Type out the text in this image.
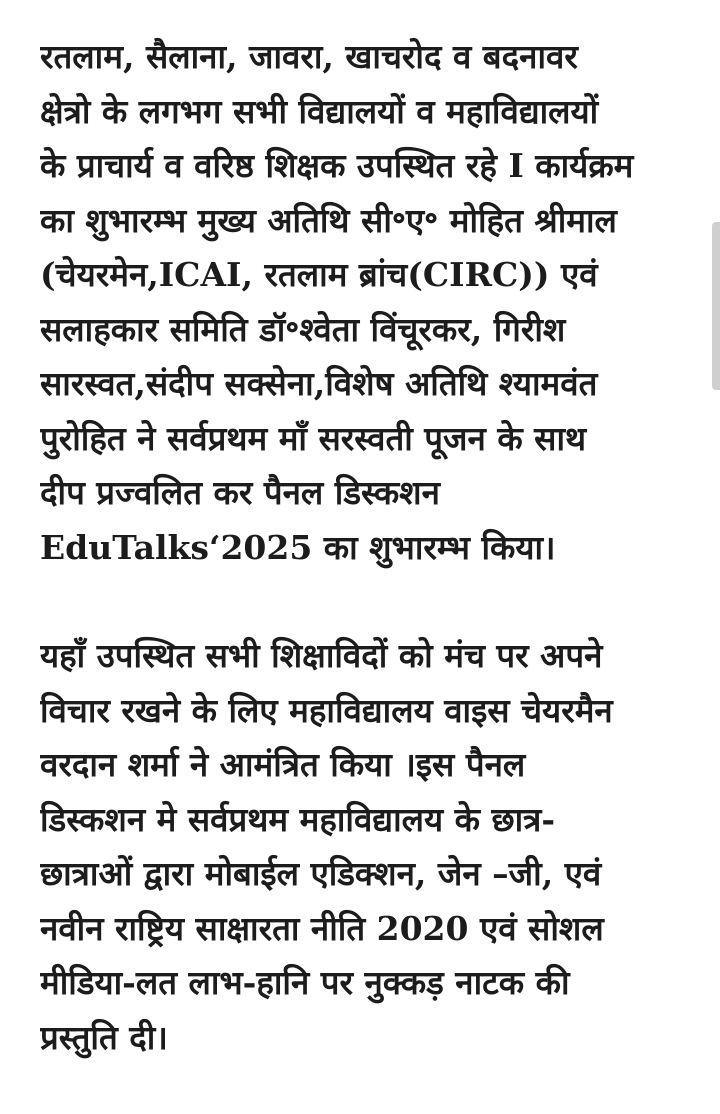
रतलाम, सैलाना, जावरा, खाचरोद व बदनावर
क्षेत्रो के लगभग सभी विद्यालयों व महाविद्यालयों
के प्राचार्य व वरिष्ठ शिक्षक उपस्थित रहे I कार्यक्रम
का शुभारम्भ मुख्य अतिथि सी॰ए॰ मोहित श्रीमाल
(चेयरमेन,ICAI, रतलाम ब्रांच(CIRC)) एवं
सलाहकार समिति डॉ॰श्वेता विंचूरकर, गिरीश
सारस्वत,संदीप सक्सेना,विशेष अतिथि श्यामवंत
पुरोहित ने सर्वप्रथम माँ सरस्वती पूजन के साथ
दीप प्रज्वलित कर पैनल डिस्कशन
EduTalks‘2025 का शुभारम्भ किया।
यहाँ उपस्थित सभी शिक्षाविदों को मंच पर अपने
विचार रखने के लिए महाविद्यालय वाइस चेयरमैन
वरदान शर्मा ने आमंत्रित किया ।इस पैनल
डिस्कशन मे सर्वप्रथम महाविद्यालय के छात्र-
छात्राओं द्वारा मोबाईल एडिक्शन, जेन –जी, एवं
नवीन राष्ट्रिय साक्षारता नीति 2020 एवं सोशल
मीडिया-लत लाभ-हानि पर नुक्कड़ नाटक की
प्रस्तुति दी।
